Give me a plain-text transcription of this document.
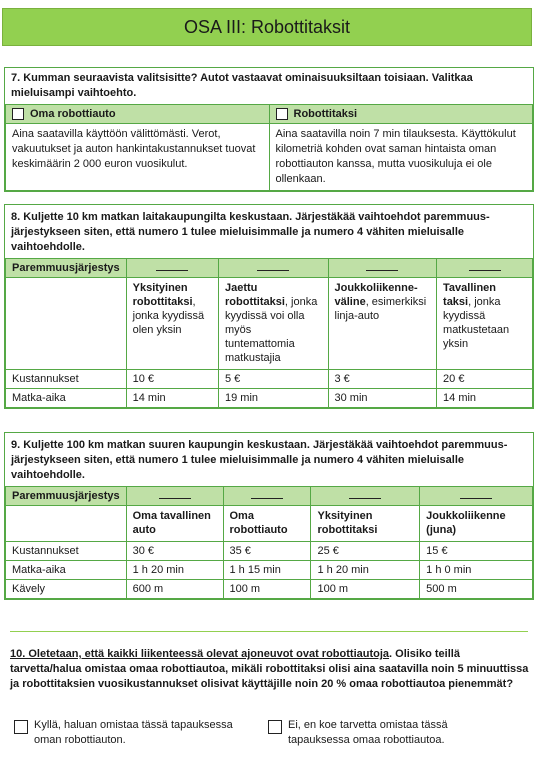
OSA III: Robottitaksit
7. Kumman seuraavista valitsisitte? Autot vastaavat ominaisuuksiltaan toisiaan. Valitkaa mieluisampi vaihtoehto.
Oma robottiauto	Robottitaksi
Aina saatavilla käyttöön välittömästi. Verot, vakuutukset ja auton hankintakustannukset tuovat keskimäärin 2 000 euron vuosikulut.	Aina saatavilla noin 7 min tilauksesta. Käyttökulut kilometriä kohden ovat saman hintaista oman robottiauton kanssa, mutta vuosikuluja ei ole ollenkaan.
8. Kuljette 10 km matkan laitakaupungilta keskustaan. Järjestäkää vaihtoehdot paremmuus-järjestykseen siten, että numero 1 tulee mieluisimmalle ja numero 4 vähiten mieluisalle vaihtoehdolle.
Paremmuusjärjestys				
	Yksityinen robottitaksi, jonka kyydissä olen yksin	Jaettu robottitaksi, jonka kyydissä voi olla myös tuntemattomia matkustajia	Joukkoliikenne-väline, esimerkiksi linja-auto	Tavallinen taksi, jonka kyydissä matkustetaan yksin
Kustannukset	10 €	5 €	3 €	20 €
Matka-aika	14 min	19 min	30 min	14 min
9. Kuljette 100 km matkan suuren kaupungin keskustaan. Järjestäkää vaihtoehdot paremmuus-järjestykseen siten, että numero 1 tulee mieluisimmalle ja numero 4 vähiten mieluisalle vaihtoehdolle.
Paremmuusjärjestys				
	Oma tavallinen auto	Oma robottiauto	Yksityinen robottitaksi	Joukkoliikenne (juna)
Kustannukset	30 €	35 €	25 €	15 €
Matka-aika	1 h 20 min	1 h 15 min	1 h 20 min	1 h 0 min
Kävely	600 m	100 m	100 m	500 m
10. Oletetaan, että kaikki liikenteessä olevat ajoneuvot ovat robottiautoja. Olisiko teillä tarvetta/halua omistaa omaa robottiautoa, mikäli robottitaksi olisi aina saatavilla noin 5 minuuttissa ja robottitaksien vuosikustannukset olisivat käyttäjille noin 20 % omaa robottiautoa pienemmät?
Kyllä, haluan omistaa tässä tapauksessa oman robottiauton.
Ei, en koe tarvetta omistaa tässä tapauksessa omaa robottiautoa.
